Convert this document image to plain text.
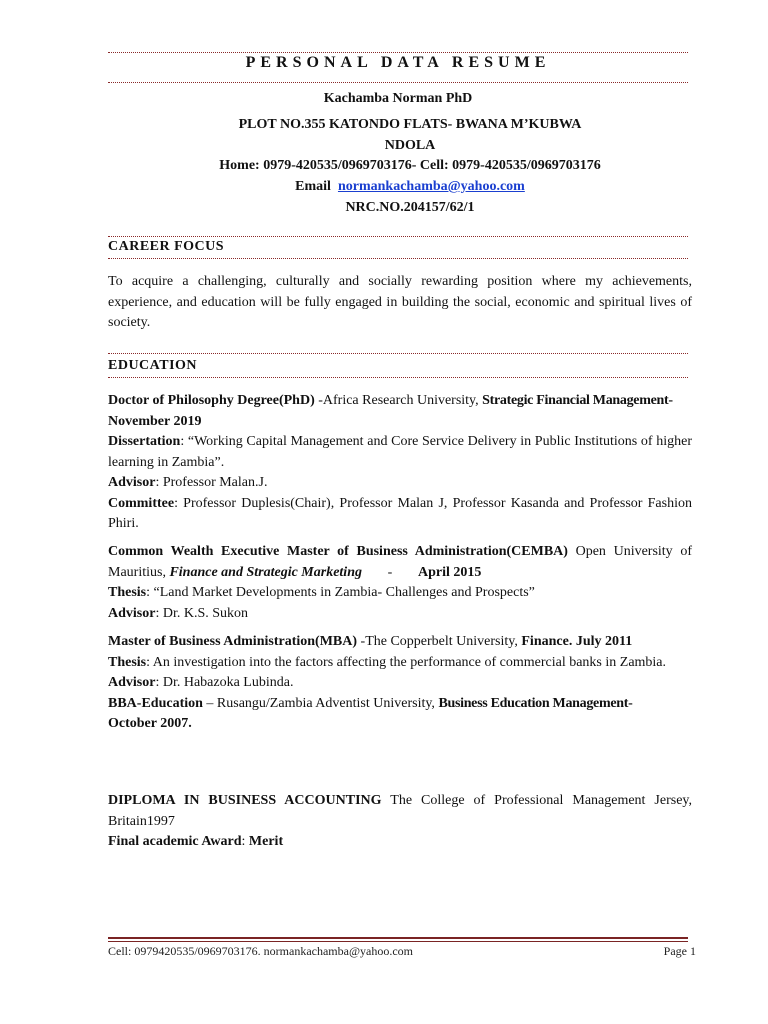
PERSONAL DATA RESUME
Kachamba Norman PhD
PLOT NO.355 KATONDO FLATS- BWANA M’KUBWA
NDOLA
Home: 0979-420535/0969703176- Cell: 0979-420535/0969703176
Email normankachamba@yahoo.com
NRC.NO.204157/62/1
CAREER FOCUS
To acquire a challenging, culturally and socially rewarding position where my achievements, experience, and education will be fully engaged in building the social, economic and spiritual lives of society.
EDUCATION

Doctor of Philosophy Degree(PhD) -Africa Research University, Strategic Financial Management-
November 2019

Dissertation: “Working Capital Management and Core Service Delivery in Public Institutions of higher learning in Zambia”.

Advisor: Professor Malan.J.

Committee: Professor Duplesis(Chair), Professor Malan J, Professor Kasanda and Professor Fashion Phiri.

Common Wealth Executive Master of Business Administration(CEMBA) Open University of Mauritius, Finance and Strategic Marketing - April 2015

Thesis: “Land Market Developments in Zambia- Challenges and Prospects”

Advisor: Dr. K.S. Sukon

Master of Business Administration(MBA) -The Copperbelt University, Finance. July 2011

Thesis: An investigation into the factors affecting the performance of commercial banks in Zambia.

Advisor: Dr. Habazoka Lubinda.

BBA-Education – Rusangu/Zambia Adventist University, Business Education Management-
October 2007.

DIPLOMA IN BUSINESS ACCOUNTING The College of Professional Management Jersey, Britain1997

Final academic Award: Merit

Cell: 0979420535/0969703176. normankachamba@yahoo.com	Page 1
